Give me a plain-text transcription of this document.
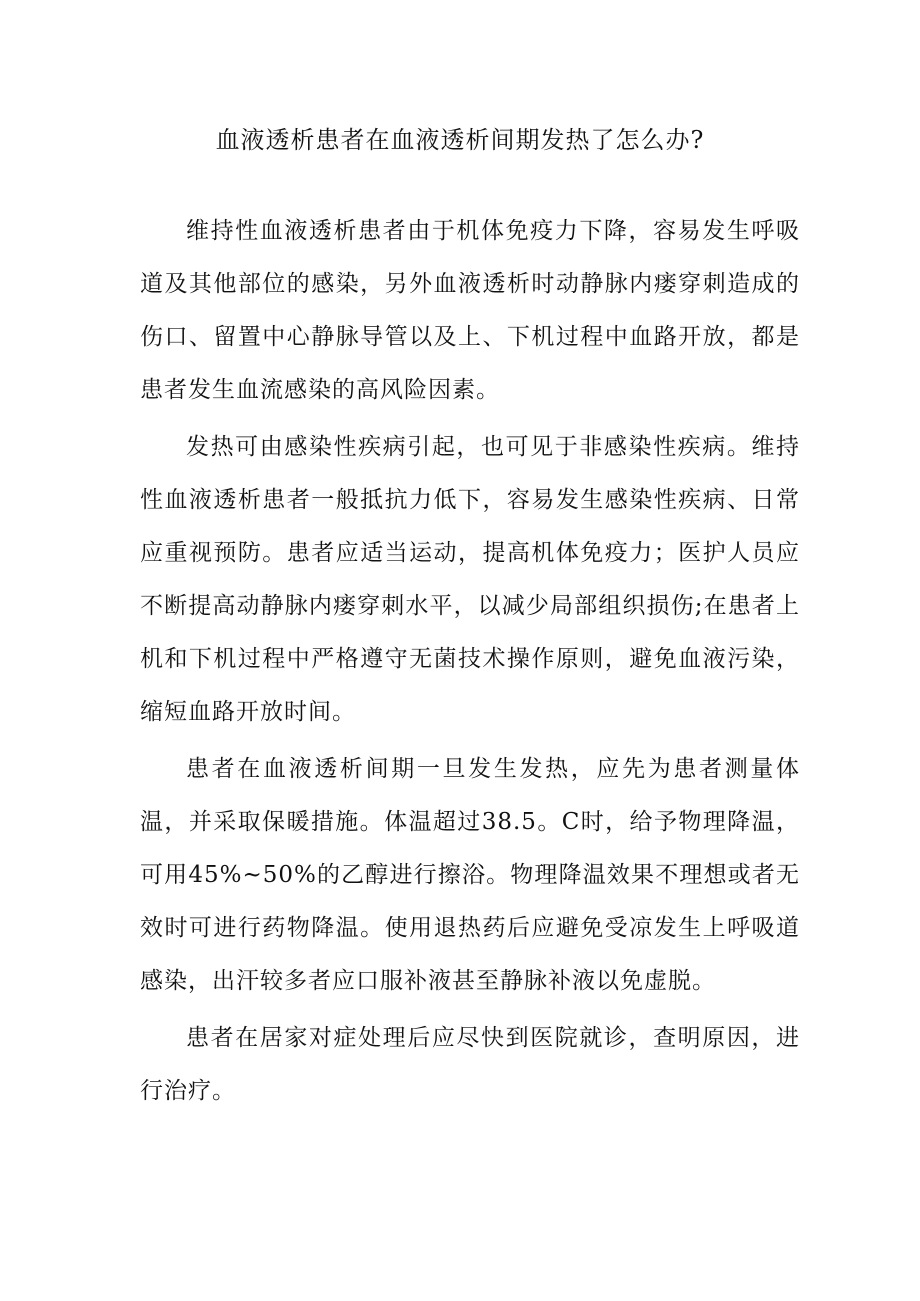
血液透析患者在血液透析间期发热了怎么办?

维持性血液透析患者由于机体免疫力下降，容易发生呼吸道及其他部位的感染，另外血液透析时动静脉内瘘穿刺造成的伤口、留置中心静脉导管以及上、下机过程中血路开放，都是患者发生血流感染的高风险因素。

发热可由感染性疾病引起，也可见于非感染性疾病。维持性血液透析患者一般抵抗力低下，容易发生感染性疾病、日常应重视预防。患者应适当运动，提高机体免疫力；医护人员应不断提高动静脉内瘘穿刺水平，以减少局部组织损伤;在患者上机和下机过程中严格遵守无菌技术操作原则，避免血液污染，缩短血路开放时间。

患者在血液透析间期一旦发生发热，应先为患者测量体温，并采取保暖措施。体温超过38.5。C时，给予物理降温，可用45%~50%的乙醇进行擦浴。物理降温效果不理想或者无效时可进行药物降温。使用退热药后应避免受凉发生上呼吸道感染，出汗较多者应口服补液甚至静脉补液以免虚脱。

患者在居家对症处理后应尽快到医院就诊，查明原因，进行治疗。
